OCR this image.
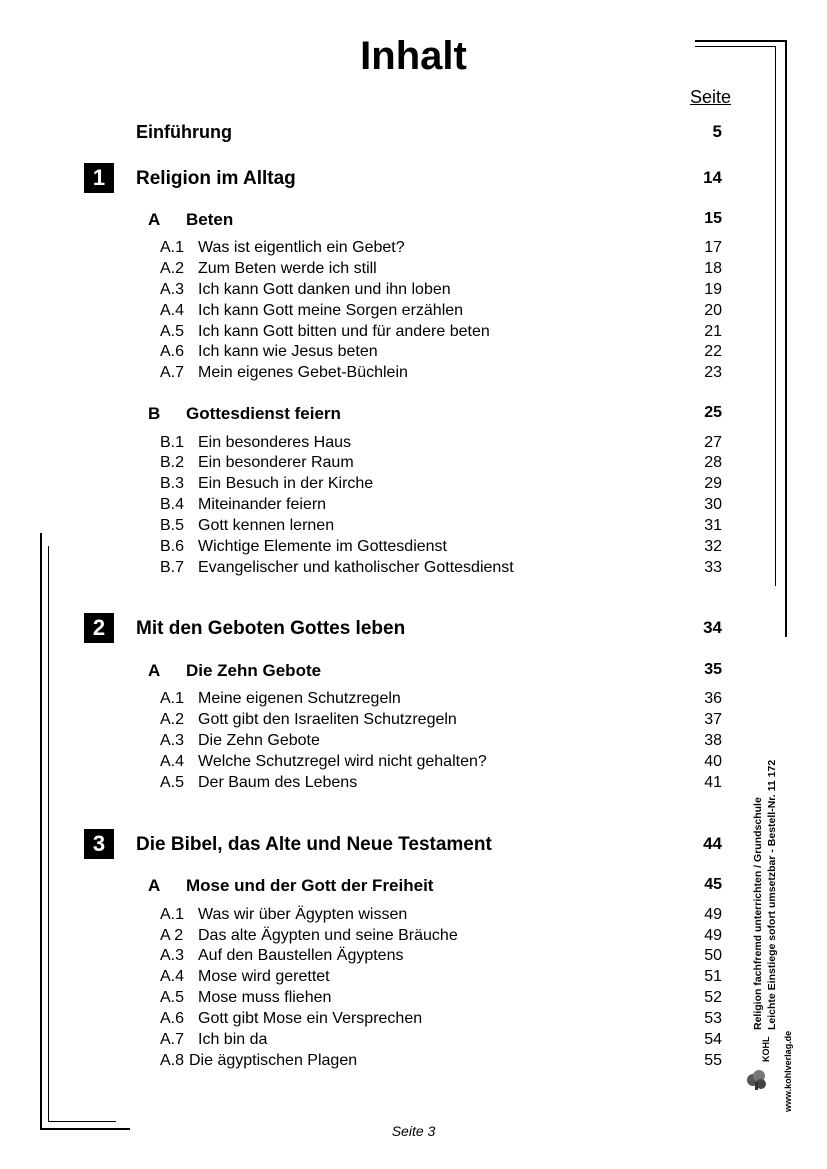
Inhalt
Seite
Einführung	5
1	Religion im Alltag	14
A Beten	15
A.1 Was ist eigentlich ein Gebet?	17
A.2 Zum Beten werde ich still	18
A.3 Ich kann Gott danken und ihn loben	19
A.4 Ich kann Gott meine Sorgen erzählen	20
A.5 Ich kann Gott bitten und für andere beten	21
A.6 Ich kann wie Jesus beten	22
A.7 Mein eigenes Gebet-Büchlein	23
B Gottesdienst feiern	25
B.1 Ein besonderes Haus	27
B.2 Ein besonderer Raum	28
B.3 Ein Besuch in der Kirche	29
B.4 Miteinander feiern	30
B.5 Gott kennen lernen	31
B.6 Wichtige Elemente im Gottesdienst	32
B.7 Evangelischer und katholischer Gottesdienst	33
2	Mit den Geboten Gottes leben	34
A Die Zehn Gebote	35
A.1 Meine eigenen Schutzregeln	36
A.2 Gott gibt den Israeliten Schutzregeln	37
A.3 Die Zehn Gebote	38
A.4 Welche Schutzregel wird nicht gehalten?	40
A.5 Der Baum des Lebens	41
3	Die Bibel, das Alte und Neue Testament	44
A Mose und der Gott der Freiheit	45
A.1 Was wir über Ägypten wissen	49
A 2 Das alte Ägypten und seine Bräuche	49
A.3 Auf den Baustellen Ägyptens	50
A.4 Mose wird gerettet	51
A.5 Mose muss fliehen	52
A.6 Gott gibt Mose ein Versprechen	53
A.7 Ich bin da	54
A.8 Die ägyptischen Plagen	55
Religion fachfremd unterrichten / Grundschule Leichte Einstiege sofort umsetzbar - Bestell-Nr. 11 172
www.kohlverlag.de
KOHL
Seite 3
